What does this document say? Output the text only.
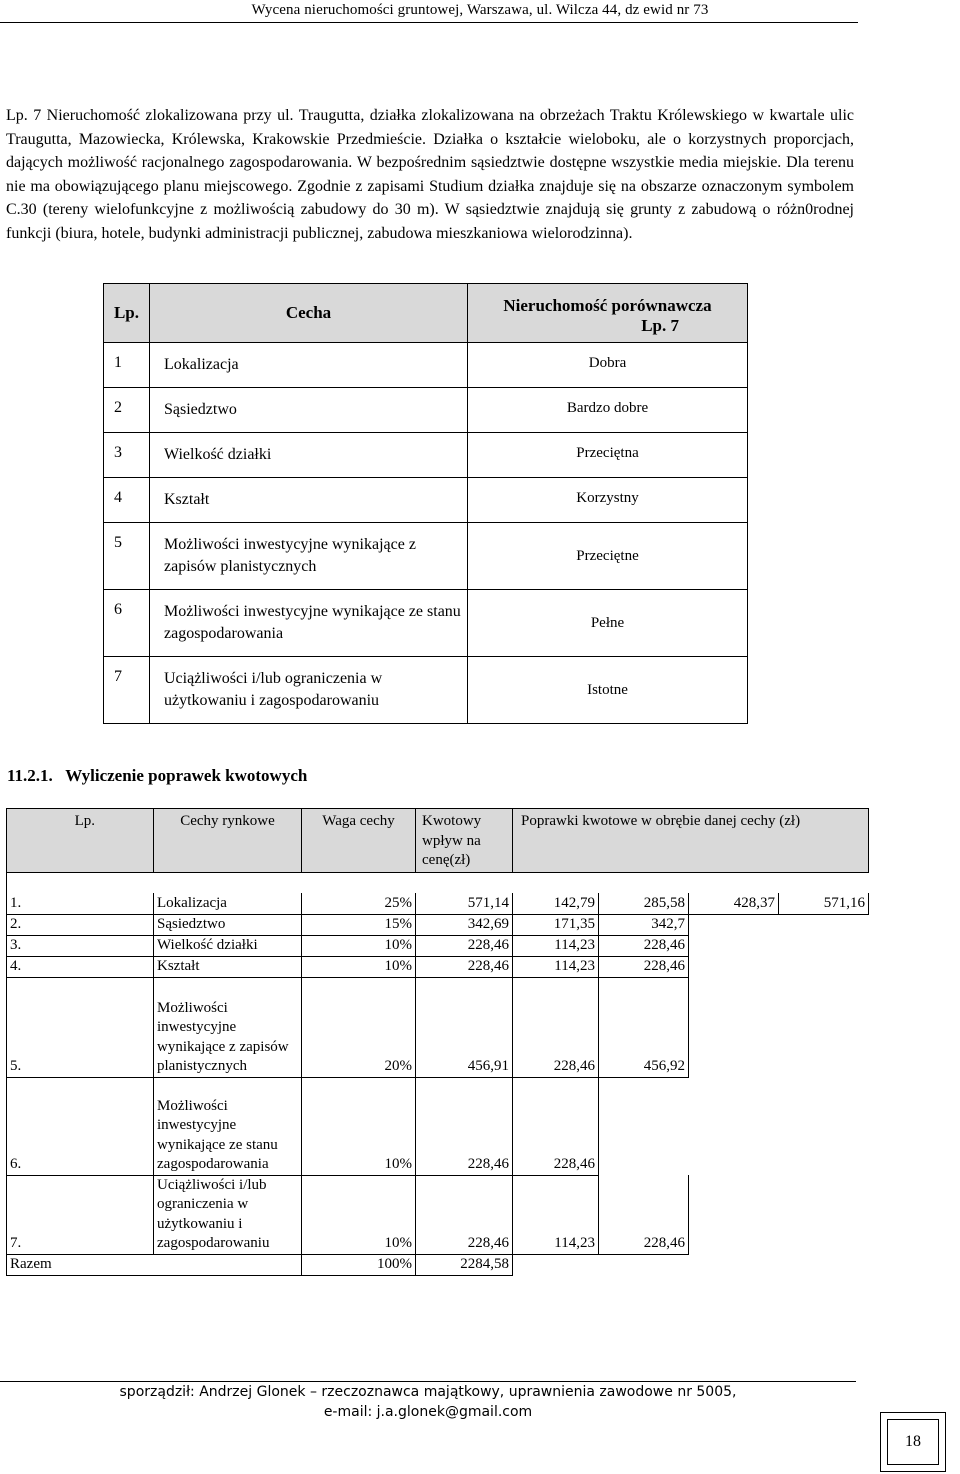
Wycena nieruchomości gruntowej, Warszawa, ul. Wilcza 44, dz ewid nr 73
Lp. 7 Nieruchomość zlokalizowana przy ul. Traugutta, działka zlokalizowana na obrzeżach Traktu Królewskiego w kwartale ulic Traugutta, Mazowiecka, Królewska, Krakowskie Przedmieście. Działka o kształcie wieloboku, ale o korzystnych proporcjach, dających możliwość racjonalnego zagospodarowania. W bezpośrednim sąsiedztwie dostępne wszystkie media miejskie. Dla terenu nie ma obowiązującego planu miejscowego. Zgodnie z zapisami Studium działka znajduje się na obszarze oznaczonym symbolem C.30 (tereny wielofunkcyjne z możliwością zabudowy do 30 m). W sąsiedztwie znajdują się grunty z zabudową o różn0rodnej funkcji (biura, hotele, budynki administracji publicznej, zabudowa mieszkaniowa wielorodzinna).
Lp.	Cecha	Nieruchomość porównawcza
Lp. 7

1	Lokalizacja	Dobra
2	Sąsiedztwo	Bardzo dobre
3	Wielkość działki	Przeciętna
4	Kształt	Korzystny
5	Możliwości inwestycyjne wynikające z zapisów planistycznych	Przeciętne
6	Możliwości inwestycyjne wynikające ze stanu zagospodarowania	Pełne
7	Uciążliwości i/lub ograniczenia w użytkowaniu i zagospodarowaniu	Istotne
11.2.1.   Wyliczenie poprawek kwotowych
Lp.	Cechy rynkowe	Waga cechy	Kwotowy wpływ na cenę(zł)	Poprawki kwotowe w obrębie danej cechy (zł)			

1.	Lokalizacja	25%	571,14	142,79	285,58	428,37	571,16
2.	Sąsiedztwo	15%	342,69	171,35	342,7		
3.	Wielkość działki	10%	228,46	114,23	228,46		
4.	Kształt	10%	228,46	114,23	228,46		
5.	Możliwości inwestycyjne wynikające z zapisów planistycznych	20%	456,91	228,46	456,92		
6.	Możliwości inwestycyjne wynikające ze stanu zagospodarowania	10%	228,46	228,46			
7.	Uciążliwości i/lub ograniczenia w użytkowaniu i zagospodarowaniu	10%	228,46	114,23	228,46		
Razem		100%	2284,58				
sporządził: Andrzej Glonek – rzeczoznawca majątkowy, uprawnienia zawodowe nr 5005,
e-mail: j.a.glonek@gmail.com
18
